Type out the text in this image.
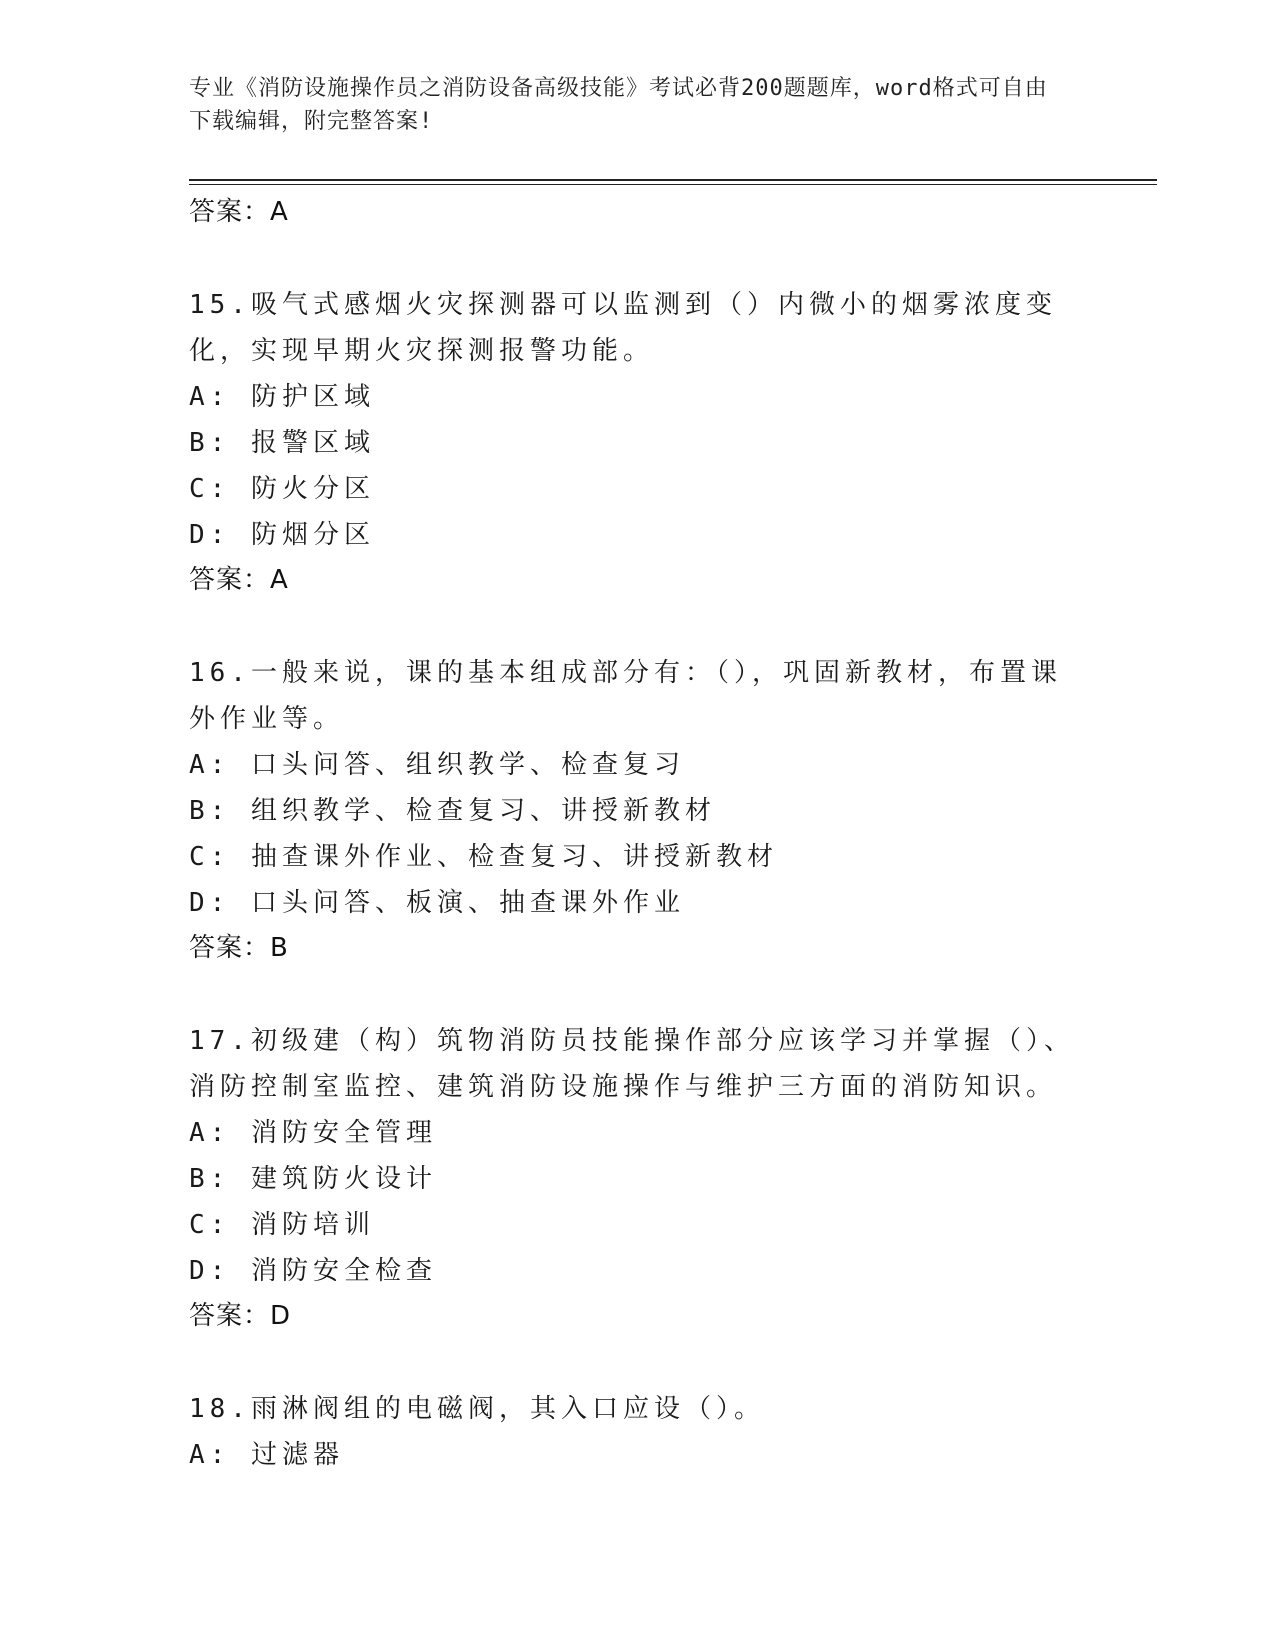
专业《消防设施操作员之消防设备高级技能》考试必背200题题库，word格式可自由下载编辑，附完整答案!
答案：A
15.吸气式感烟火灾探测器可以监测到（）内微小的烟雾浓度变化，实现早期火灾探测报警功能。
A: 防护区域
B: 报警区域
C: 防火分区
D: 防烟分区
答案：A
16.一般来说，课的基本组成部分有：（），巩固新教材，布置课外作业等。
A: 口头问答、组织教学、检查复习
B: 组织教学、检查复习、讲授新教材
C: 抽查课外作业、检查复习、讲授新教材
D: 口头问答、板演、抽查课外作业
答案：B
17.初级建（构）筑物消防员技能操作部分应该学习并掌握（）、消防控制室监控、建筑消防设施操作与维护三方面的消防知识。
A: 消防安全管理
B: 建筑防火设计
C: 消防培训
D: 消防安全检查
答案：D
18.雨淋阀组的电磁阀，其入口应设（）。
A: 过滤器
